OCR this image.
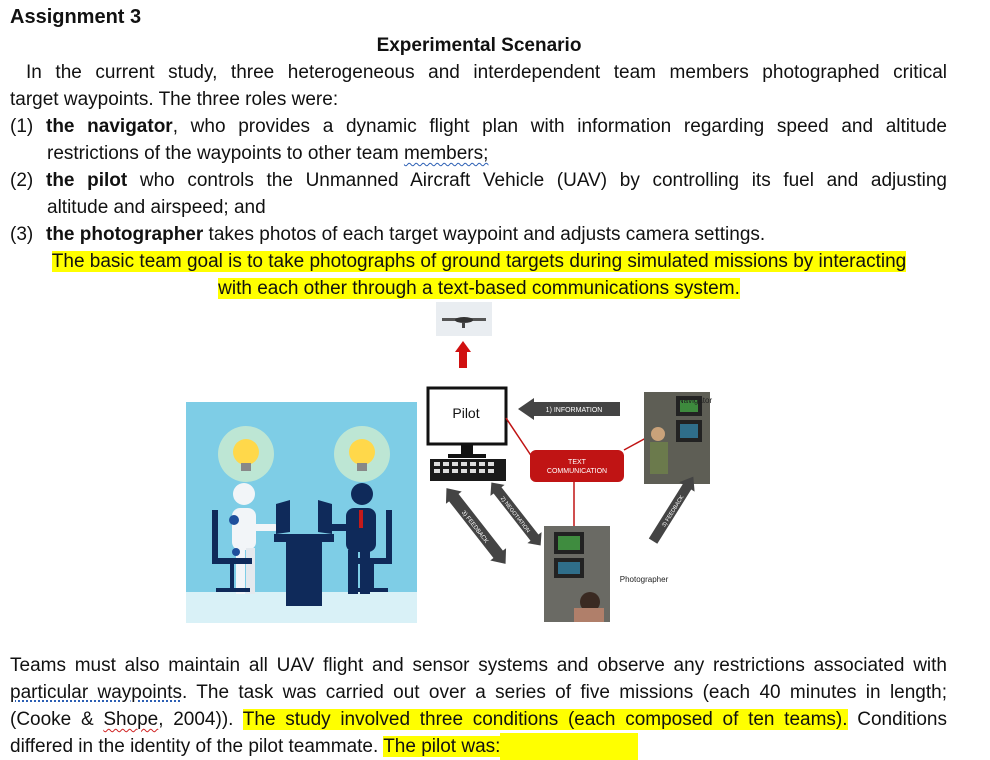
Assignment 3
Experimental Scenario
In the current study, three heterogeneous and interdependent team members photographed critical
target waypoints. The three roles were:
(1) the navigator, who provides a dynamic flight plan with information regarding speed and altitude
restrictions of the waypoints to other team members;
(2) the pilot who controls the Unmanned Aircraft Vehicle (UAV) by controlling its fuel and adjusting
altitude and airspeed; and
(3) the photographer takes photos of each target waypoint and adjusts camera settings.
The basic team goal is to take photographs of ground targets during simulated missions by interacting
with each other through a text-based communications system.
Pilot	1) INFORMATION
TEXT
COMMUNICATION
Navigator
Photographer
3) FEEDBACK 2) NEGOTIATION	3) FEEDBACK
Teams must also maintain all UAV flight and sensor systems and observe any restrictions associated with
particular waypoints. The task was carried out over a series of five missions (each 40 minutes in length;
(Cooke & Shope, 2004)). The study involved three conditions (each composed of ten teams). Conditions
differed in the identity of the pilot teammate. The pilot was:
